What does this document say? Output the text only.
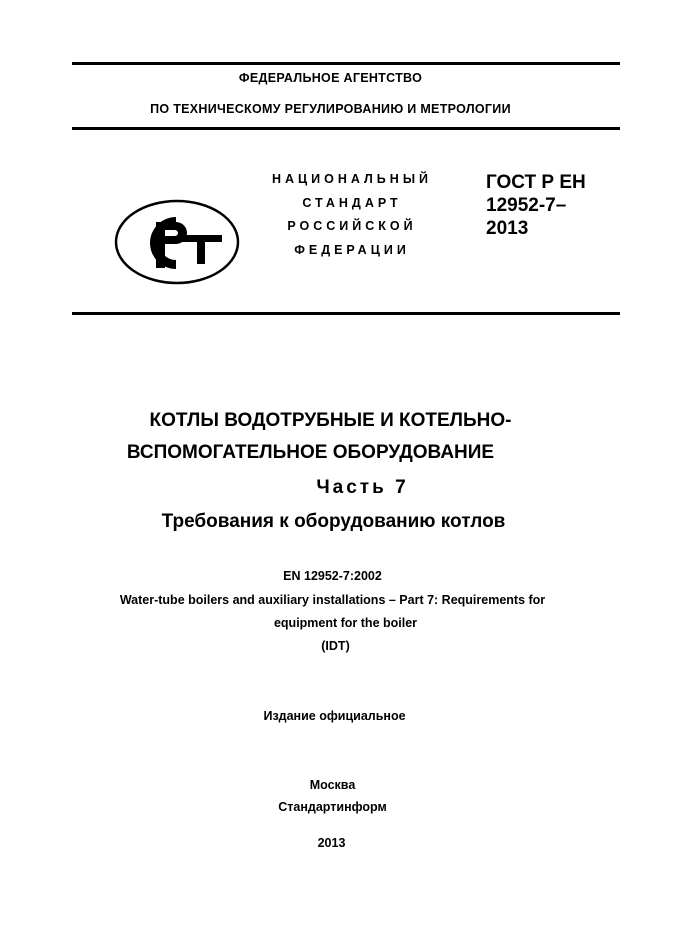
ФЕДЕРАЛЬНОЕ АГЕНТСТВО
ПО ТЕХНИЧЕСКОМУ РЕГУЛИРОВАНИЮ И МЕТРОЛОГИИ
PCT
НАЦИОНАЛЬНЫЙ
СТАНДАРТ
РОССИЙСКОЙ
ФЕДЕРАЦИИ
ГОСТ Р ЕН
12952-7–
2013
КОТЛЫ ВОДОТРУБНЫЕ И КОТЕЛЬНО-
ВСПОМОГАТЕЛЬНОЕ ОБОРУДОВАНИЕ
Часть 7
Требования к оборудованию котлов
EN 12952-7:2002
Water-tube boilers and auxiliary installations – Part 7: Requirements for
equipment for the boiler
(IDT)
Издание официальное
Москва
Стандартинформ
2013
